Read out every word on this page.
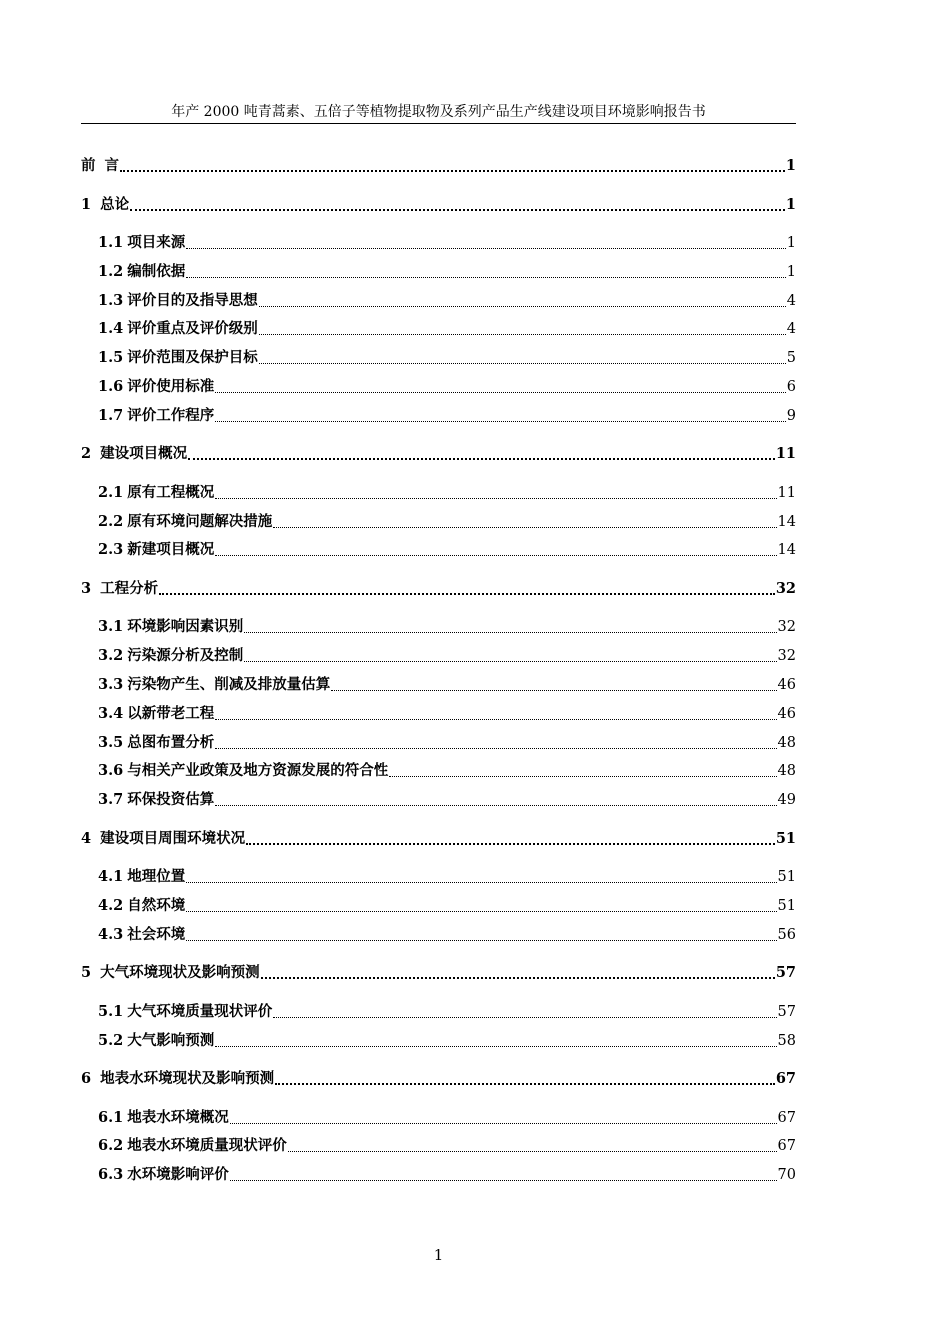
年产 2000 吨青蒿素、五倍子等植物提取物及系列产品生产线建设项目环境影响报告书
前 言	1
1 总论	1
1.1 项目来源	1
1.2 编制依据	1
1.3 评价目的及指导思想	4
1.4 评价重点及评价级别	4
1.5 评价范围及保护目标	5
1.6 评价使用标准	6
1.7 评价工作程序	9
2 建设项目概况	11
2.1 原有工程概况	11
2.2 原有环境问题解决措施	14
2.3 新建项目概况	14
3 工程分析	32
3.1 环境影响因素识别	32
3.2 污染源分析及控制	32
3.3 污染物产生、削减及排放量估算	46
3.4 以新带老工程	46
3.5 总图布置分析	48
3.6 与相关产业政策及地方资源发展的符合性	48
3.7 环保投资估算	49
4 建设项目周围环境状况	51
4.1 地理位置	51
4.2 自然环境	51
4.3 社会环境	56
5 大气环境现状及影响预测	57
5.1 大气环境质量现状评价	57
5.2 大气影响预测	58
6 地表水环境现状及影响预测	67
6.1 地表水环境概况	67
6.2 地表水环境质量现状评价	67
6.3 水环境影响评价	70
1
